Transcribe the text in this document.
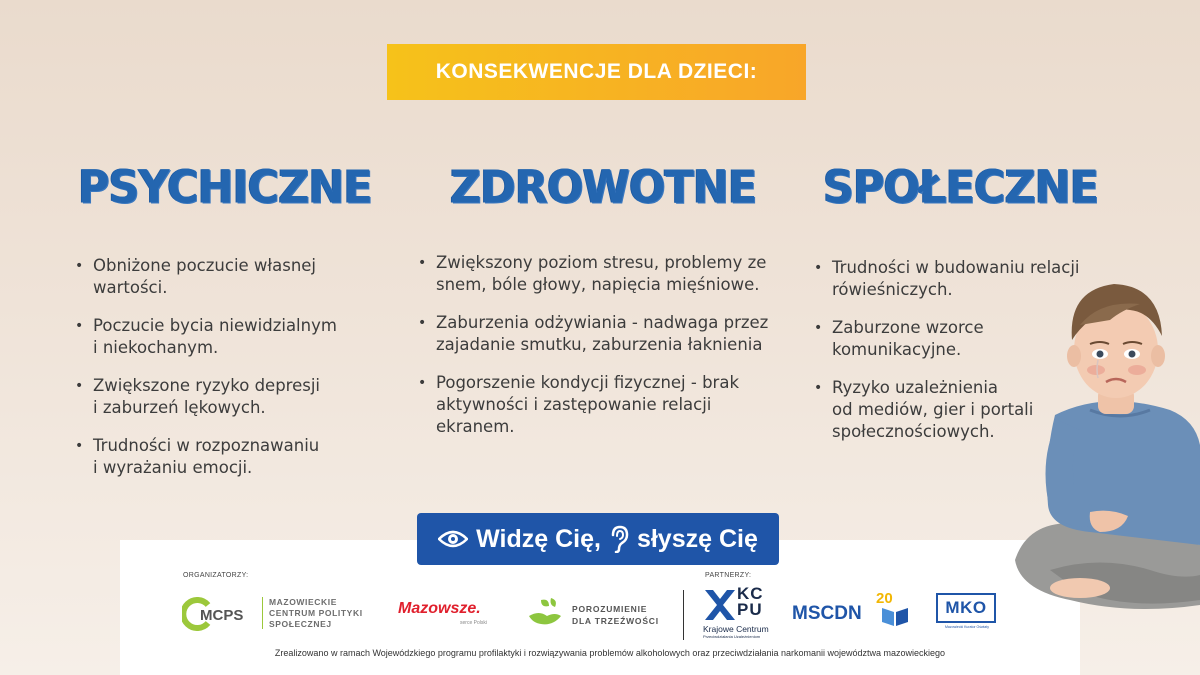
KONSEKWENCJE DLA DZIECI:
PSYCHICZNE ZDROWOTNE SPOŁECZNE
• Obniżone poczucie własnej wartości.
• Poczucie bycia niewidzialnym
i niekochanym.
• Zwiększone ryzyko depresji
i zaburzeń lękowych.
• Trudności w rozpoznawaniu
i wyrażaniu emocji.
• Zwiększony poziom stresu, problemy ze
snem, bóle głowy, napięcia mięśniowe.
• Zaburzenia odżywiania - nadwaga przez
zajadanie smutku, zaburzenia łaknienia
• Pogorszenie kondycji fizycznej - brak
aktywności i zastępowanie relacji
ekranem.
• Trudności w budowaniu relacji
rówieśniczych.
• Zaburzone wzorce
komunikacyjne.
• Ryzyko uzależnienia
od mediów, gier i portali
społecznościowych.
Widzę Cię, słyszę Cię
ORGANIZATORZY:	PARTNERZY:
MCPS
MAZOWIECKIE
CENTRUM POLITYKI
SPOŁECZNEJ
Mazowsze.
serce Polski
POROZUMIENIE
DLA TRZEŹWOŚCI
KCPU
Krajowe Centrum
Przeciwdziałania Uzależnieniom
MSCDN
20	MKO
Mazowiecki Kurator Oświaty
Zrealizowano w ramach Wojewódzkiego programu profilaktyki i rozwiązywania problemów alkoholowych oraz przeciwdziałania narkomanii województwa mazowieckiego
